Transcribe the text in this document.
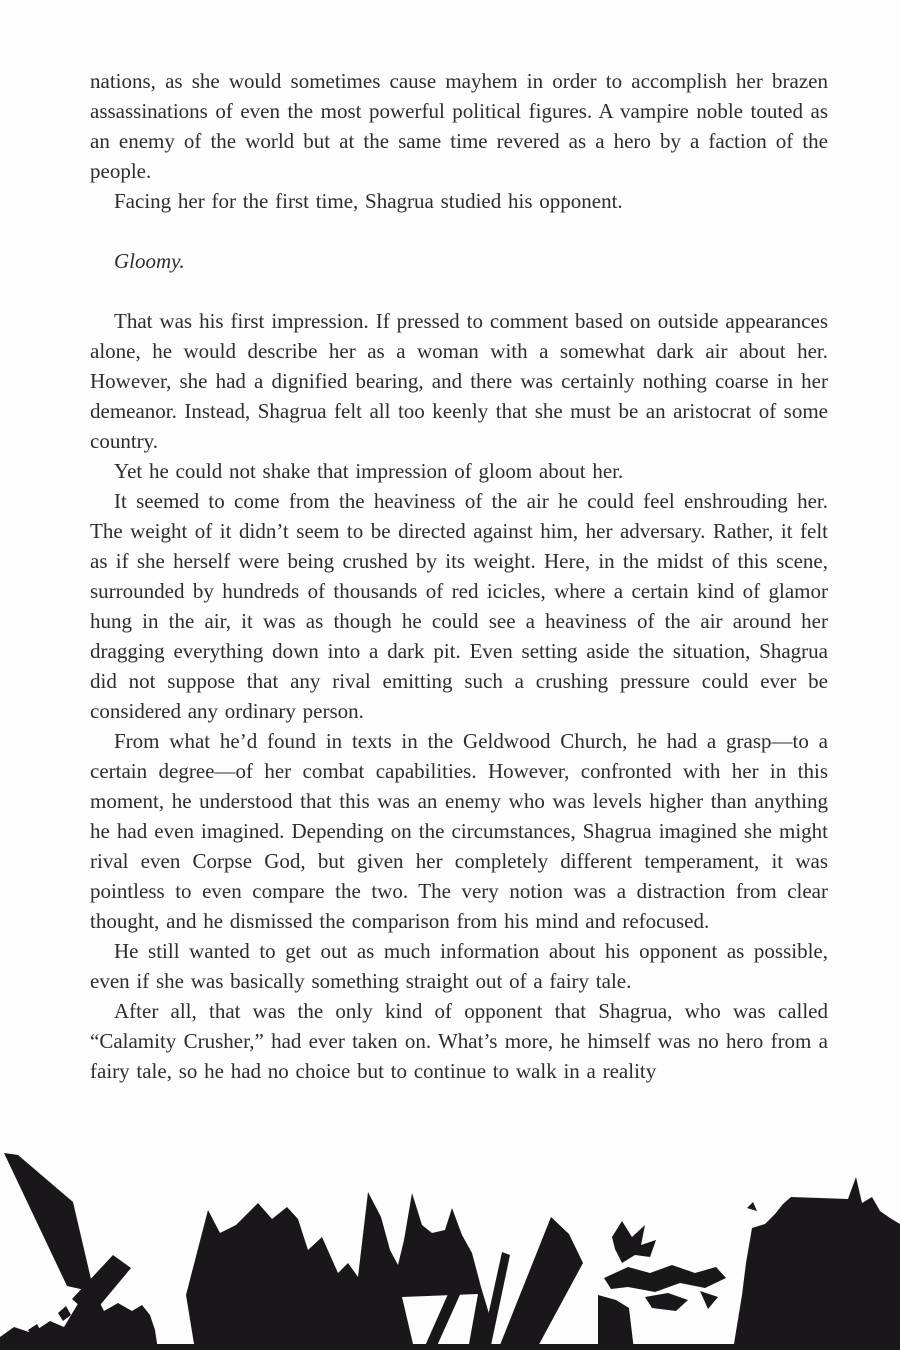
nations, as she would sometimes cause mayhem in order to accomplish her brazen assassinations of even the most powerful political figures. A vampire noble touted as an enemy of the world but at the same time revered as a hero by a faction of the people.

Facing her for the first time, Shagrua studied his opponent.

Gloomy.

That was his first impression. If pressed to comment based on outside appearances alone, he would describe her as a woman with a somewhat dark air about her. However, she had a dignified bearing, and there was certainly nothing coarse in her demeanor. Instead, Shagrua felt all too keenly that she must be an aristocrat of some country.

Yet he could not shake that impression of gloom about her.

It seemed to come from the heaviness of the air he could feel enshrouding her. The weight of it didn’t seem to be directed against him, her adversary. Rather, it felt as if she herself were being crushed by its weight. Here, in the midst of this scene, surrounded by hundreds of thousands of red icicles, where a certain kind of glamor hung in the air, it was as though he could see a heaviness of the air around her dragging everything down into a dark pit. Even setting aside the situation, Shagrua did not suppose that any rival emitting such a crushing pressure could ever be considered any ordinary person.

From what he’d found in texts in the Geldwood Church, he had a grasp—to a certain degree—of her combat capabilities. However, confronted with her in this moment, he understood that this was an enemy who was levels higher than anything he had even imagined. Depending on the circumstances, Shagrua imagined she might rival even Corpse God, but given her completely different temperament, it was pointless to even compare the two. The very notion was a distraction from clear thought, and he dismissed the comparison from his mind and refocused.

He still wanted to get out as much information about his opponent as possible, even if she was basically something straight out of a fairy tale.

After all, that was the only kind of opponent that Shagrua, who was called “Calamity Crusher,” had ever taken on. What’s more, he himself was no hero from a fairy tale, so he had no choice but to continue to walk in a reality
